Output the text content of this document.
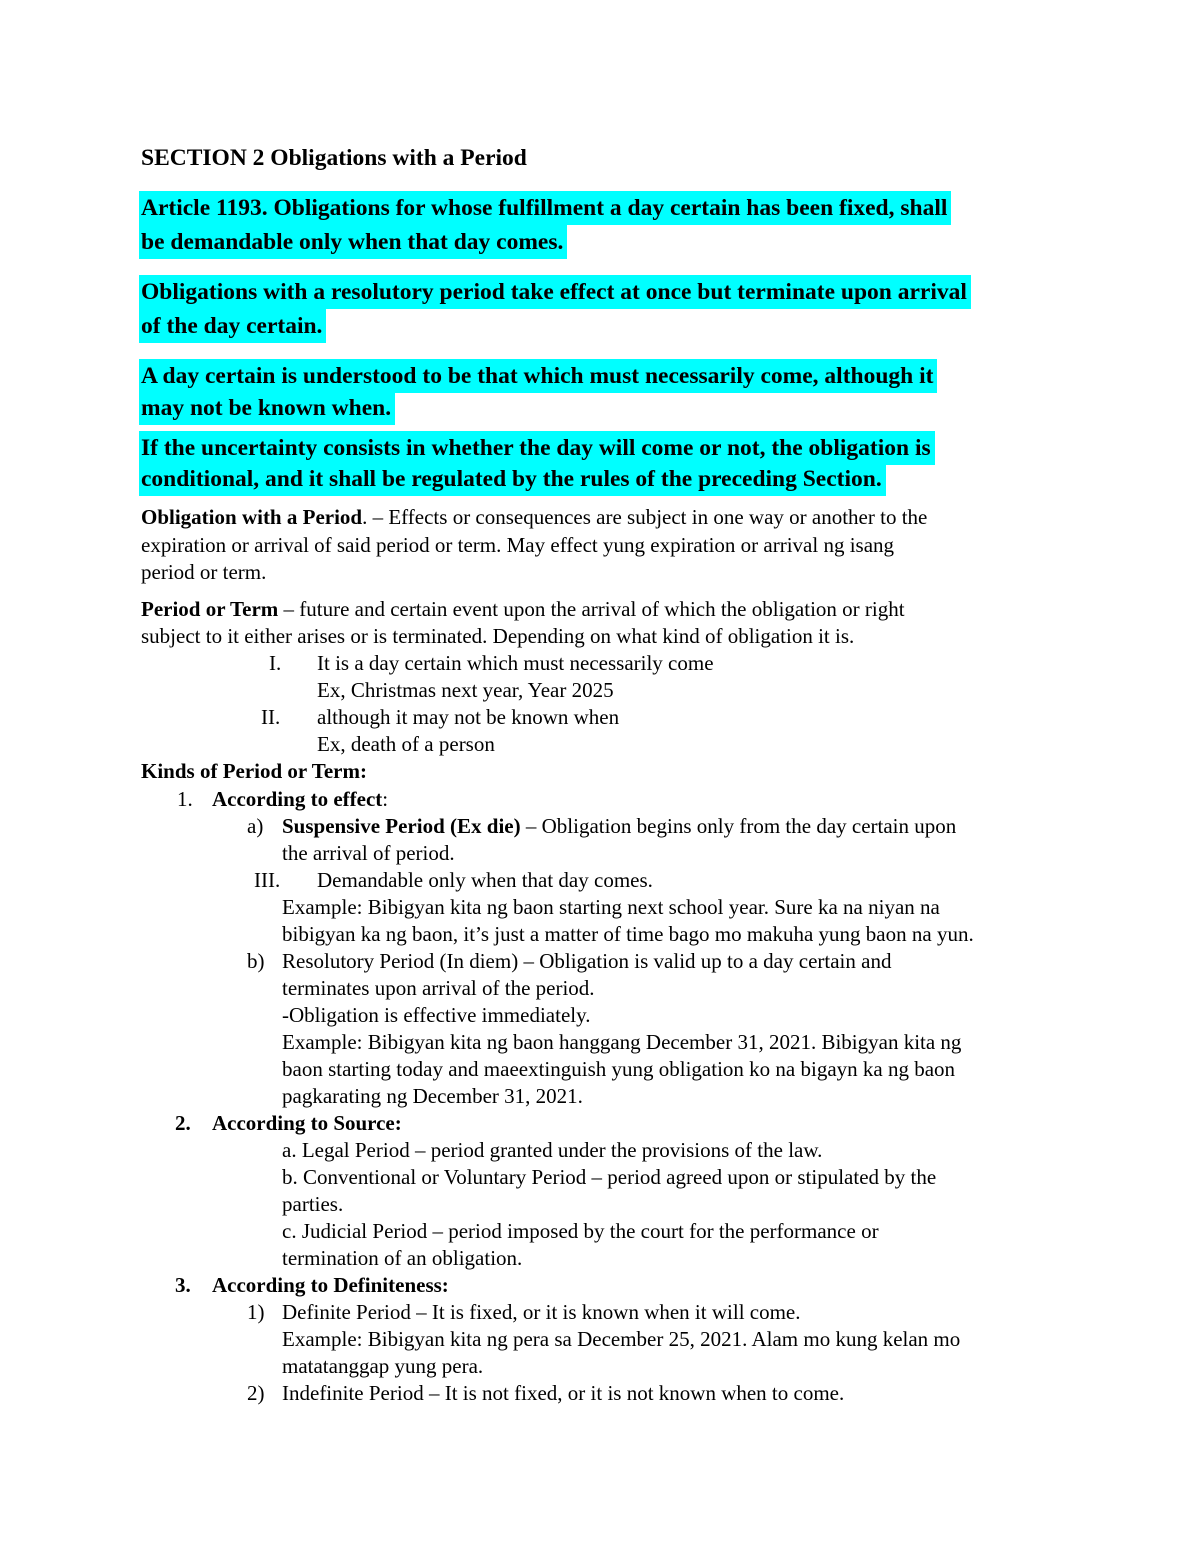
SECTION 2 Obligations with a Period
Article 1193. Obligations for whose fulfillment a day certain has been fixed, shall
be demandable only when that day comes.
Obligations with a resolutory period take effect at once but terminate upon arrival
of the day certain.
A day certain is understood to be that which must necessarily come, although it
may not be known when.
If the uncertainty consists in whether the day will come or not, the obligation is
conditional, and it shall be regulated by the rules of the preceding Section.
Obligation with a Period. – Effects or consequences are subject in one way or another to the
expiration or arrival of said period or term. May effect yung expiration or arrival ng isang
period or term.
Period or Term – future and certain event upon the arrival of which the obligation or right
subject to it either arises or is terminated. Depending on what kind of obligation it is.
I. It is a day certain which must necessarily come
Ex, Christmas next year, Year 2025
II. although it may not be known when
Ex, death of a person
Kinds of Period or Term:
1. According to effect:
a) Suspensive Period (Ex die) – Obligation begins only from the day certain upon
the arrival of period.
III. Demandable only when that day comes.
Example: Bibigyan kita ng baon starting next school year. Sure ka na niyan na
bibigyan ka ng baon, it’s just a matter of time bago mo makuha yung baon na yun.
b) Resolutory Period (In diem) – Obligation is valid up to a day certain and
terminates upon arrival of the period.
-Obligation is effective immediately.
Example: Bibigyan kita ng baon hanggang December 31, 2021. Bibigyan kita ng
baon starting today and maeextinguish yung obligation ko na bigayn ka ng baon
pagkarating ng December 31, 2021.
2. According to Source:
a. Legal Period – period granted under the provisions of the law.
b. Conventional or Voluntary Period – period agreed upon or stipulated by the
parties.
c. Judicial Period – period imposed by the court for the performance or
termination of an obligation.
3. According to Definiteness:
1) Definite Period – It is fixed, or it is known when it will come.
Example: Bibigyan kita ng pera sa December 25, 2021. Alam mo kung kelan mo
matatanggap yung pera.
2) Indefinite Period – It is not fixed, or it is not known when to come.
